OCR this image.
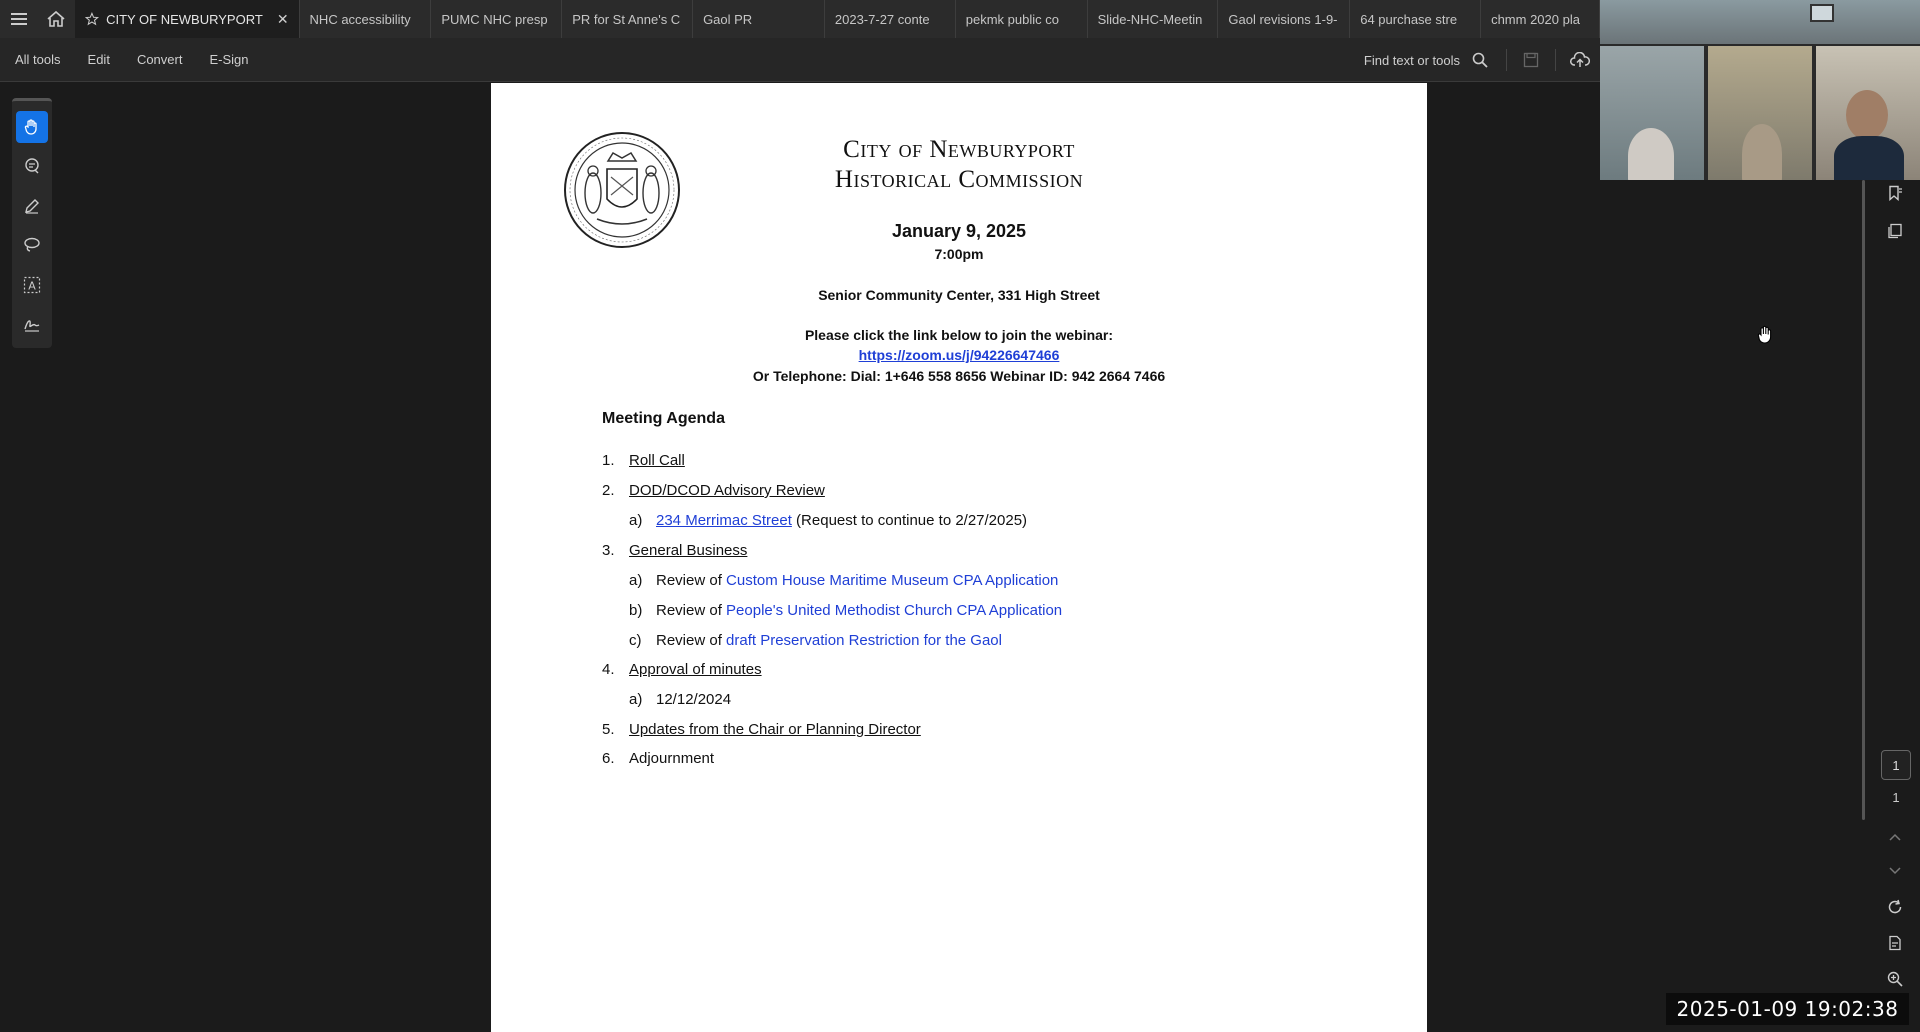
CITY OF NEWBURYPORT ✕ NHC accessibility PUMC NHC presp PR for St Anne's C Gaol PR	2023-7-27 conte	pekmk public co	Slide-NHC-Meetin Gaol revisions 1-9- 64 purchase stre	chmm 2020 pla
All tools	Edit	Convert	E-Sign	Find text or tools
A
City of Newburyport
Historical Commission
January 9, 2025
7:00pm
Senior Community Center, 331 High Street
Please click the link below to join the webinar:
https://zoom.us/j/94226647466
Or Telephone: Dial: 1+646 558 8656 Webinar ID: 942 2664 7466
Meeting Agenda
1. Roll Call
2. DOD/DCOD Advisory Review
a) 234 Merrimac Street (Request to continue to 2/27/2025)
3. General Business
a) Review of Custom House Maritime Museum CPA Application
b) Review of People's United Methodist Church CPA Application
c) Review of draft Preservation Restriction for the Gaol
4. Approval of minutes
a) 12/12/2024
5. Updates from the Chair or Planning Director
6. Adjournment	1
1
2025-01-09 19:02:38
